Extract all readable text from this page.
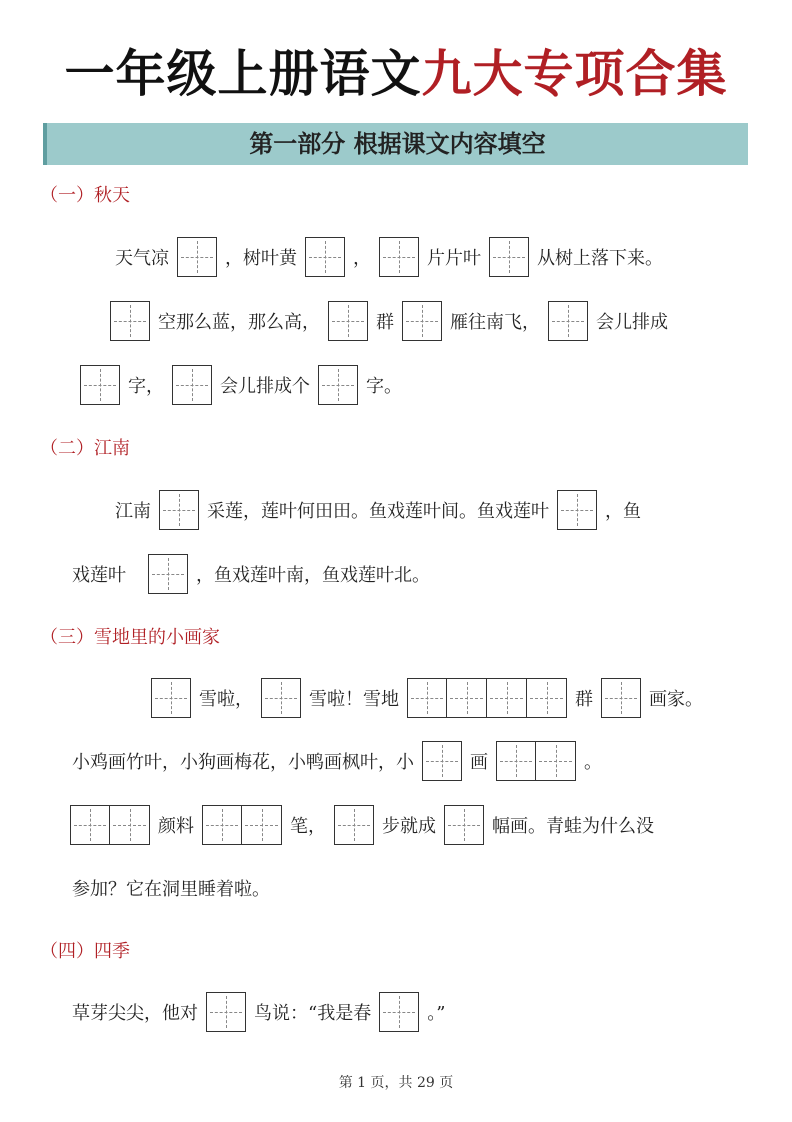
一年级上册语文九大专项合集
第一部分 根据课文内容填空
（一）秋天
天气凉	，树叶黄	，	片片叶	从树上落下来。
空那么蓝，那么高，	群	雁往南飞，	会儿排成
字，	会儿排成个	字。
（二）江南
江南	采莲，莲叶何田田。鱼戏莲叶间。鱼戏莲叶	，鱼
戏莲叶	，鱼戏莲叶南，鱼戏莲叶北。
（三）雪地里的小画家
雪啦，	雪啦！雪地	群	画家。
小鸡画竹叶，小狗画梅花，小鸭画枫叶，小	画	。
颜料	笔，	步就成	幅画。青蛙为什么没
参加？它在洞里睡着啦。
（四）四季
草芽尖尖，他对	鸟说：“我是春	。”
第 1 页，共 29 页
